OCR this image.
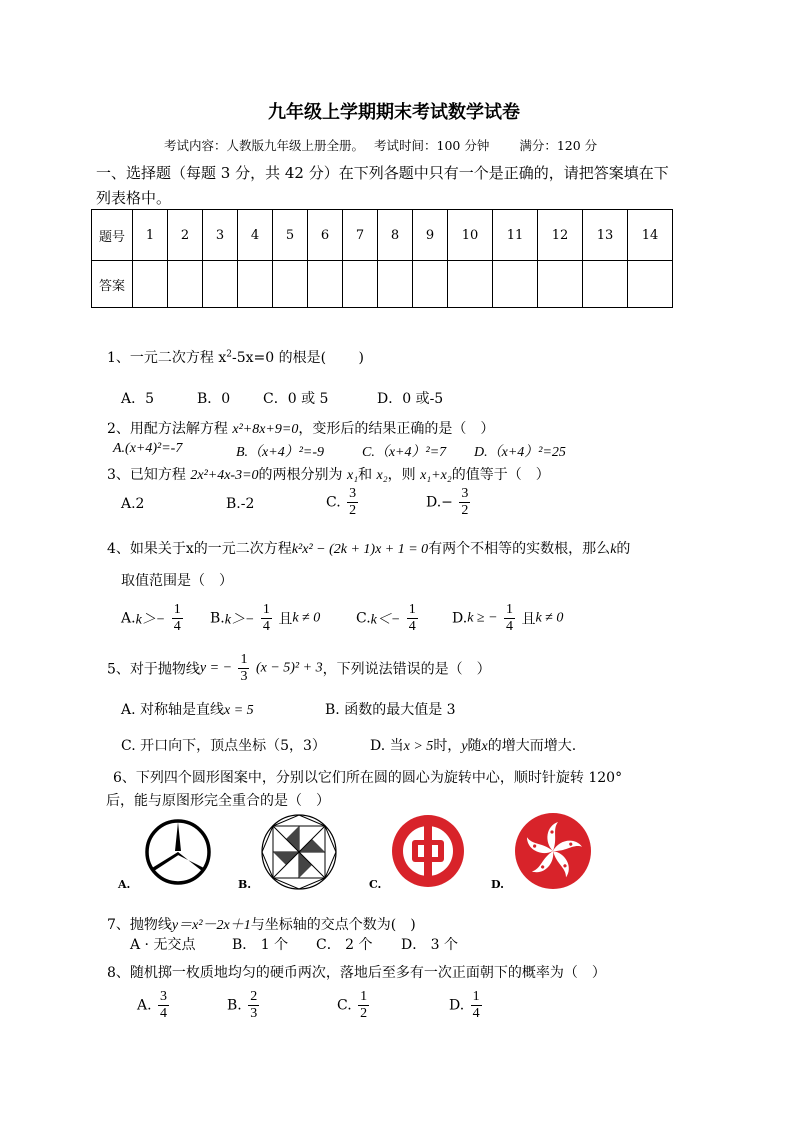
九年级上学期期末考试数学试卷
考试内容：人教版九年级上册全册。 考试时间：100 分钟 满分：120 分
一、选择题（每题 3 分，共 42 分）在下列各题中只有一个是正确的，请把答案填在下
列表格中。
题号	1	2	3	4	5	6	7	8	9	10	11	12	13	14
答案														
1、一元二次方程 $x^2-5x=0$ 的根是(　　 )
A．5	B．0 C．0 或 5	D．0 或-5
2、用配方法解方程 x²+8x+9=0，变形后的结果正确的是（　）
A.(x+4)²=-7	B.（x+4）²=-9	C.（x+4）²=7 D.（x+4）²=25
3、已知方程 2x²+4x-3=0的两根分别为 x₁和 x₂，则 x₁+x₂的值等于（　）
A.2	B.-2	C. $\frac{3}{2}$	$D.- \frac{3}{2}$
4、如果关于x的一元二次方程k²x² − (2k + 1)x + 1 = 0有两个不相等的实数根，那么k的
取值范围是（　）
$A.k>- \frac{1}{4} B.k>- \frac{1}{4}$ 且k ≠ 0	$C.k<- \frac{1}{4} D.k$ ≥ − $\frac{1}{4}$ 且k ≠ 0
5、对于抛物线y = − $\frac{1}{3} (x - 5)^2 + 3$，下列说法错误的是（　）
A. 对称轴是直线x = 5	B. 函数的最大值是 3
C. 开口向下，顶点坐标（5，3）	D. 当x > 5时，y随x的增大而增大.
6、下列四个圆形图案中，分别以它们所在圆的圆心为旋转中心，顺时针旋转 120°
后，能与原图形完全重合的是（　）
A.	B.	C.	D.
7、抛物线y＝x²－2x＋1与坐标轴的交点个数为(　)
A · 无交点	B． 1 个 C． 2 个 D． 3 个
8、随机掷一枚质地均匀的硬币两次，落地后至多有一次正面朝下的概率为（　）
A. $\frac{3}{4}$	B. $\frac{2}{3}$	C. $\frac{1}{2}$	D. $\frac{1}{4}$
